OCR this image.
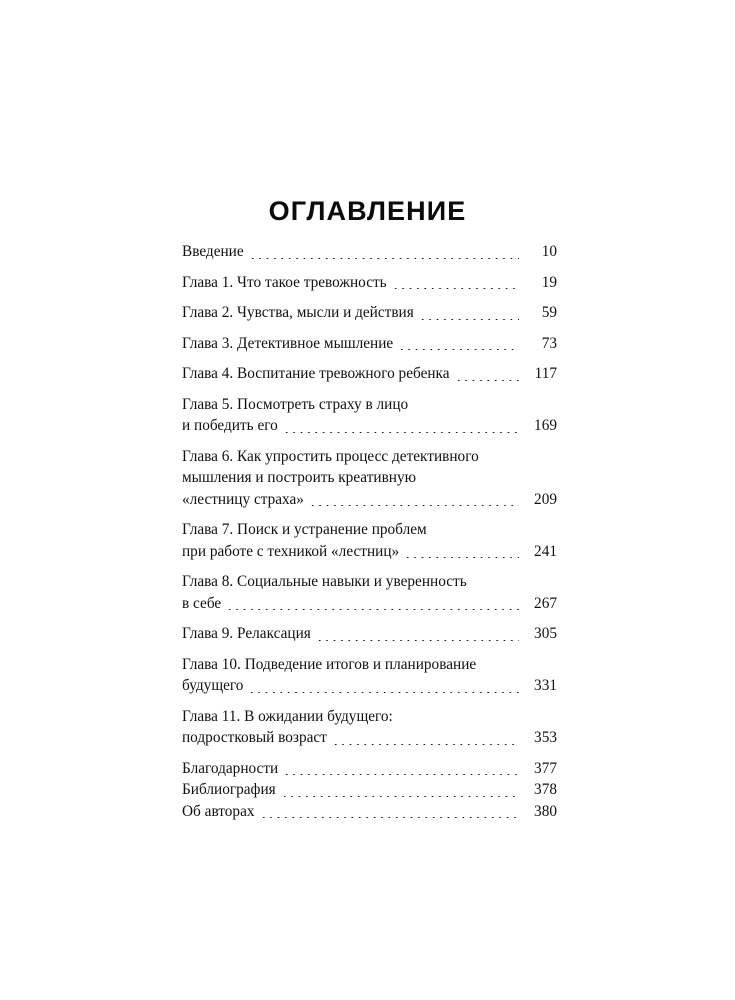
ОГЛАВЛЕНИЕ
Введение	10
Глава 1. Что такое тревожность	19
Глава 2. Чувства, мысли и действия	59
Глава 3. Детективное мышление	73
Глава 4. Воспитание тревожного ребенка	117
Глава 5. Посмотреть страху в лицо
и победить его	169
Глава 6. Как упростить процесс детективного
мышления и построить креативную
«лестницу страха»	209
Глава 7. Поиск и устранение проблем
при работе с техникой «лестниц»	241
Глава 8. Социальные навыки и уверенность
в себе	267
Глава 9. Релаксация	305
Глава 10. Подведение итогов и планирование
будущего	331
Глава 11. В ожидании будущего:
подростковый возраст	353
Благодарности	377
Библиография	378
Об авторах	380
